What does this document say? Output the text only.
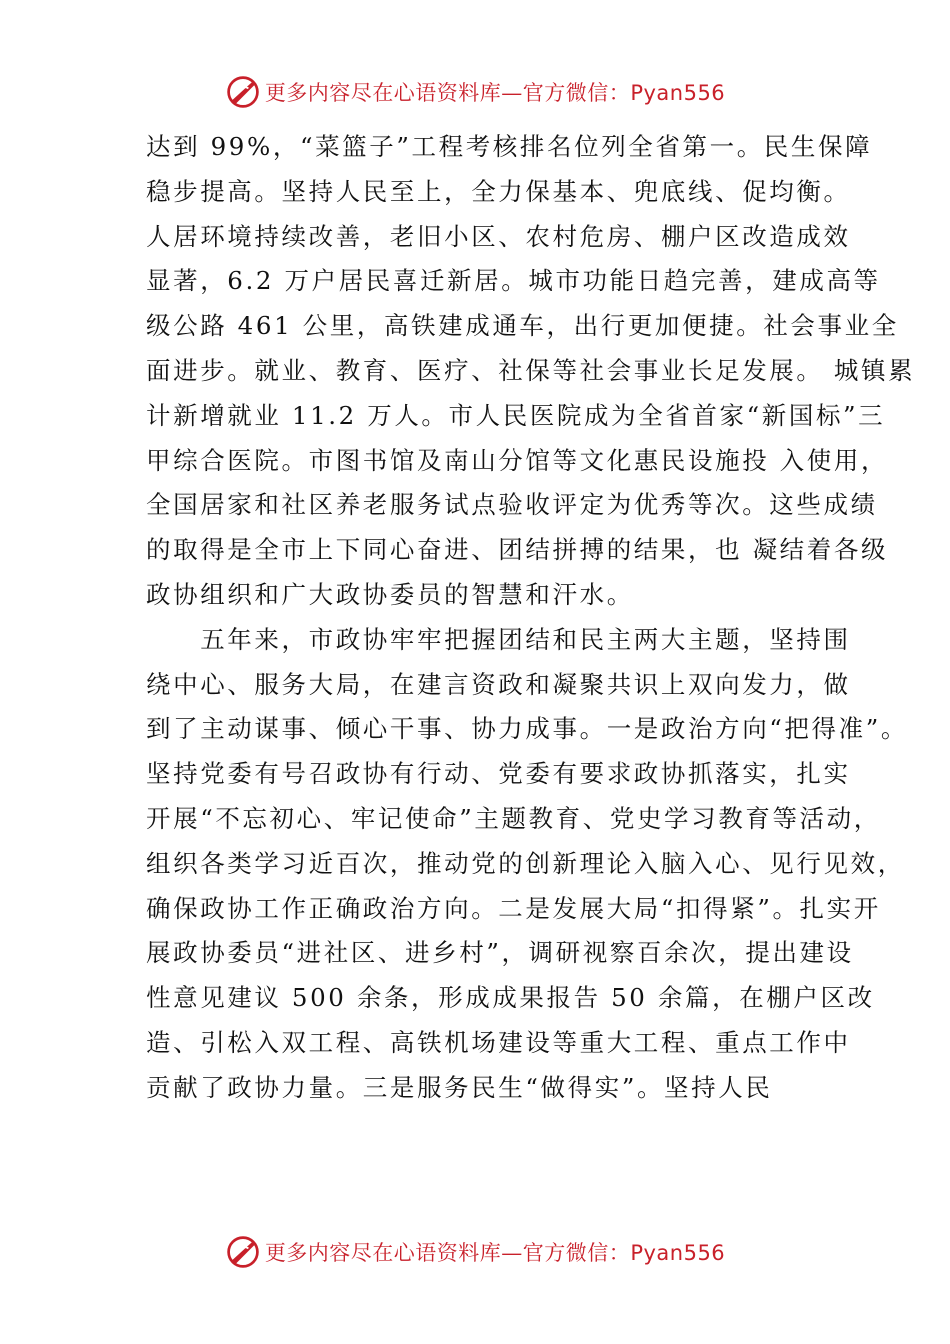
更多内容尽在心语资料库—官方微信：Pyan556
达到 99%，“菜篮子”工程考核排名位列全省第一。民生保障
稳步提高。坚持人民至上，全力保基本、兜底线、促均衡。
人居环境持续改善，老旧小区、农村危房、棚户区改造成效
显著，6.2 万户居民喜迁新居。城市功能日趋完善，建成高等
级公路 461 公里，高铁建成通车，出行更加便捷。社会事业全
面进步。就业、教育、医疗、社保等社会事业长足发展。 城镇累
计新增就业 11.2 万人。市人民医院成为全省首家“新国标”三
甲综合医院。市图书馆及南山分馆等文化惠民设施投 入使用，
全国居家和社区养老服务试点验收评定为优秀等次。这些成绩
的取得是全市上下同心奋进、团结拼搏的结果，也 凝结着各级
政协组织和广大政协委员的智慧和汗水。
　　五年来，市政协牢牢把握团结和民主两大主题，坚持围
绕中心、服务大局，在建言资政和凝聚共识上双向发力，做
到了主动谋事、倾心干事、协力成事。一是政治方向“把得准”。
坚持党委有号召政协有行动、党委有要求政协抓落实，扎实
开展“不忘初心、牢记使命”主题教育、党史学习教育等活动，
组织各类学习近百次，推动党的创新理论入脑入心、见行见效，
确保政协工作正确政治方向。二是发展大局“扣得紧”。扎实开
展政协委员“进社区、进乡村”，调研视察百余次，提出建设
性意见建议 500 余条，形成成果报告 50 余篇，在棚户区改
造、引松入双工程、高铁机场建设等重大工程、重点工作中
贡献了政协力量。三是服务民生“做得实”。坚持人民
更多内容尽在心语资料库—官方微信：Pyan556
